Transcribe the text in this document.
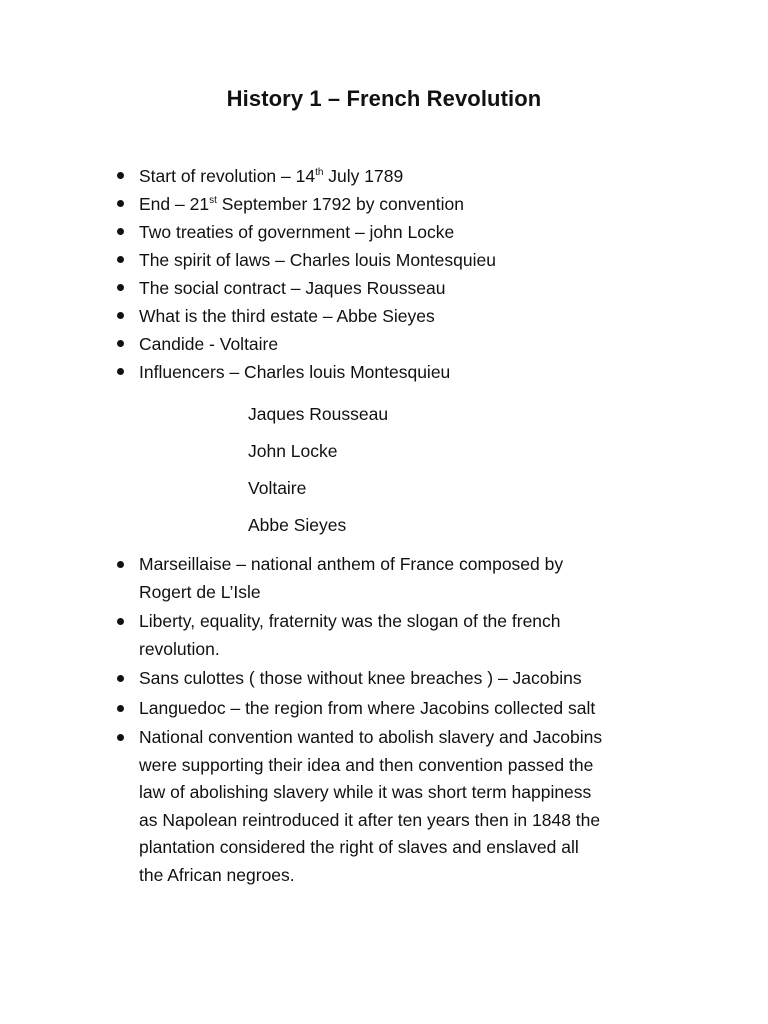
History 1 – French Revolution
Start of revolution – 14th July 1789
End – 21st September 1792 by convention
Two treaties of government – john Locke
The spirit of laws – Charles louis Montesquieu
The social contract – Jaques Rousseau
What is the third estate – Abbe Sieyes
Candide - Voltaire
Influencers – Charles louis Montesquieu

Jaques Rousseau

John Locke

Voltaire

Abbe Sieyes

Marseillaise – national anthem of France composed by
Rogert de L’Isle
Liberty, equality, fraternity was the slogan of the french
revolution.
Sans culottes ( those without knee breaches ) – Jacobins
Languedoc – the region from where Jacobins collected salt
National convention wanted to abolish slavery and Jacobins
were supporting their idea and then convention passed the
law of abolishing slavery while it was short term happiness
as Napolean reintroduced it after ten years then in 1848 the
plantation considered the right of slaves and enslaved all
the African negroes.
